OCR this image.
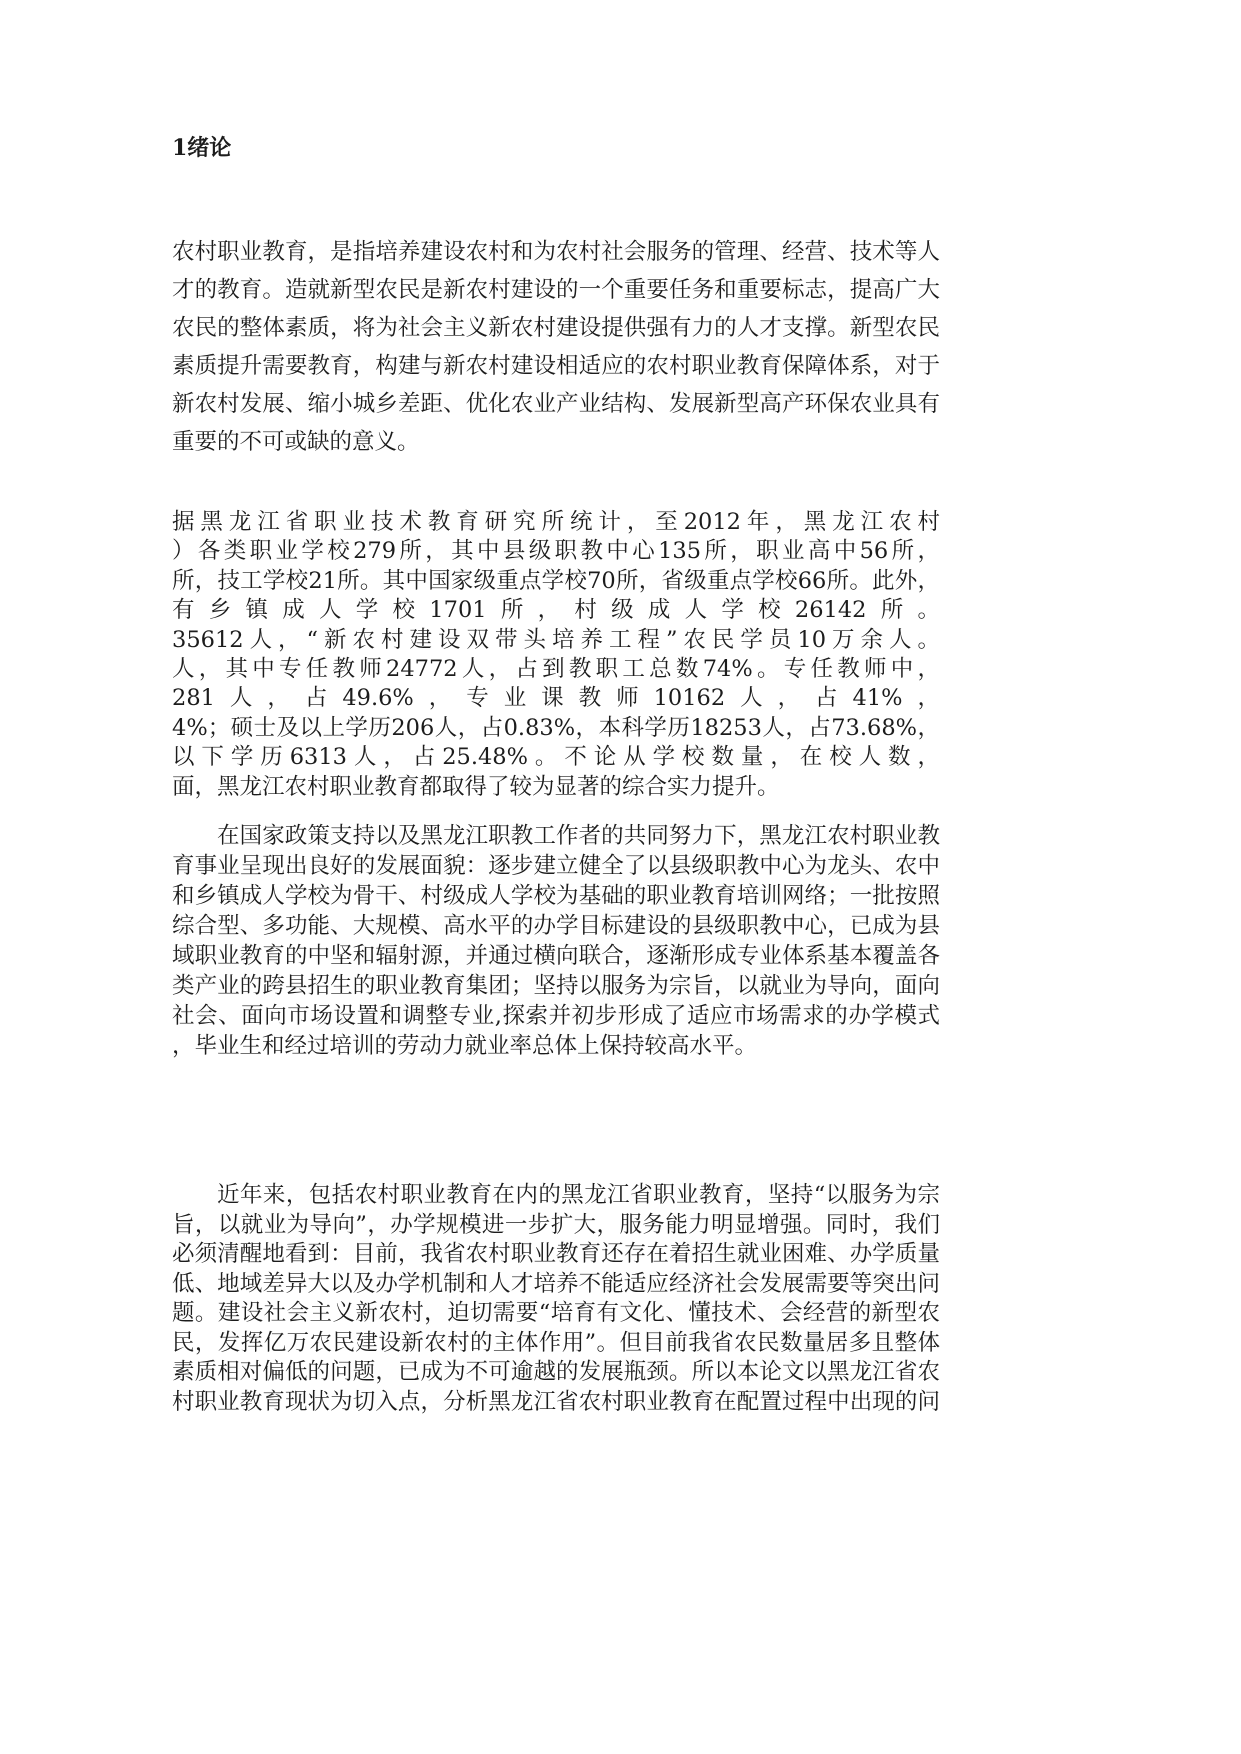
1绪论
农村职业教育，是指培养建设农村和为农村社会服务的管理、经营、技术等人
才的教育。造就新型农民是新农村建设的一个重要任务和重要标志，提高广大
农民的整体素质，将为社会主义新农村建设提供强有力的人才支撑。新型农民
素质提升需要教育，构建与新农村建设相适应的农村职业教育保障体系，对于
新农村发展、缩小城乡差距、优化农业产业结构、发展新型高产环保农业具有
重要的不可或缺的意义。
据黑龙江省职业技术教育研究所统计，至2012年，黑龙江农村
）各类职业学校279所，其中县级职教中心135所，职业高中56所，
所，技工学校21所。其中国家级重点学校70所，省级重点学校66所。此外，
有乡镇成人学校1701所，村级成人学校26142所。
35612人，“新农村建设双带头培养工程”农民学员10万余人。
人，其中专任教师24772人，占到教职工总数74%。专任教师中，
281人，占49.6%，专业课教师10162人，占41%，
4%；硕士及以上学历206人，占0.83%，本科学历18253人，占73.68%，
以下学历6313人，占25.48%。不论从学校数量，在校人数，
面，黑龙江农村职业教育都取得了较为显著的综合实力提升。
在国家政策支持以及黑龙江职教工作者的共同努力下，黑龙江农村职业教
育事业呈现出良好的发展面貌：逐步建立健全了以县级职教中心为龙头、农中
和乡镇成人学校为骨干、村级成人学校为基础的职业教育培训网络；一批按照
综合型、多功能、大规模、高水平的办学目标建设的县级职教中心，已成为县
域职业教育的中坚和辐射源，并通过横向联合，逐渐形成专业体系基本覆盖各
类产业的跨县招生的职业教育集团；坚持以服务为宗旨，以就业为导向，面向
社会、面向市场设置和调整专业,探索并初步形成了适应市场需求的办学模式
，毕业生和经过培训的劳动力就业率总体上保持较高水平。
近年来，包括农村职业教育在内的黑龙江省职业教育，坚持“以服务为宗
旨，以就业为导向”，办学规模进一步扩大，服务能力明显增强。同时，我们
必须清醒地看到：目前，我省农村职业教育还存在着招生就业困难、办学质量
低、地域差异大以及办学机制和人才培养不能适应经济社会发展需要等突出问
题。建设社会主义新农村，迫切需要“培育有文化、懂技术、会经营的新型农
民，发挥亿万农民建设新农村的主体作用”。但目前我省农民数量居多且整体
素质相对偏低的问题，已成为不可逾越的发展瓶颈。所以本论文以黑龙江省农
村职业教育现状为切入点，分析黑龙江省农村职业教育在配置过程中出现的问
